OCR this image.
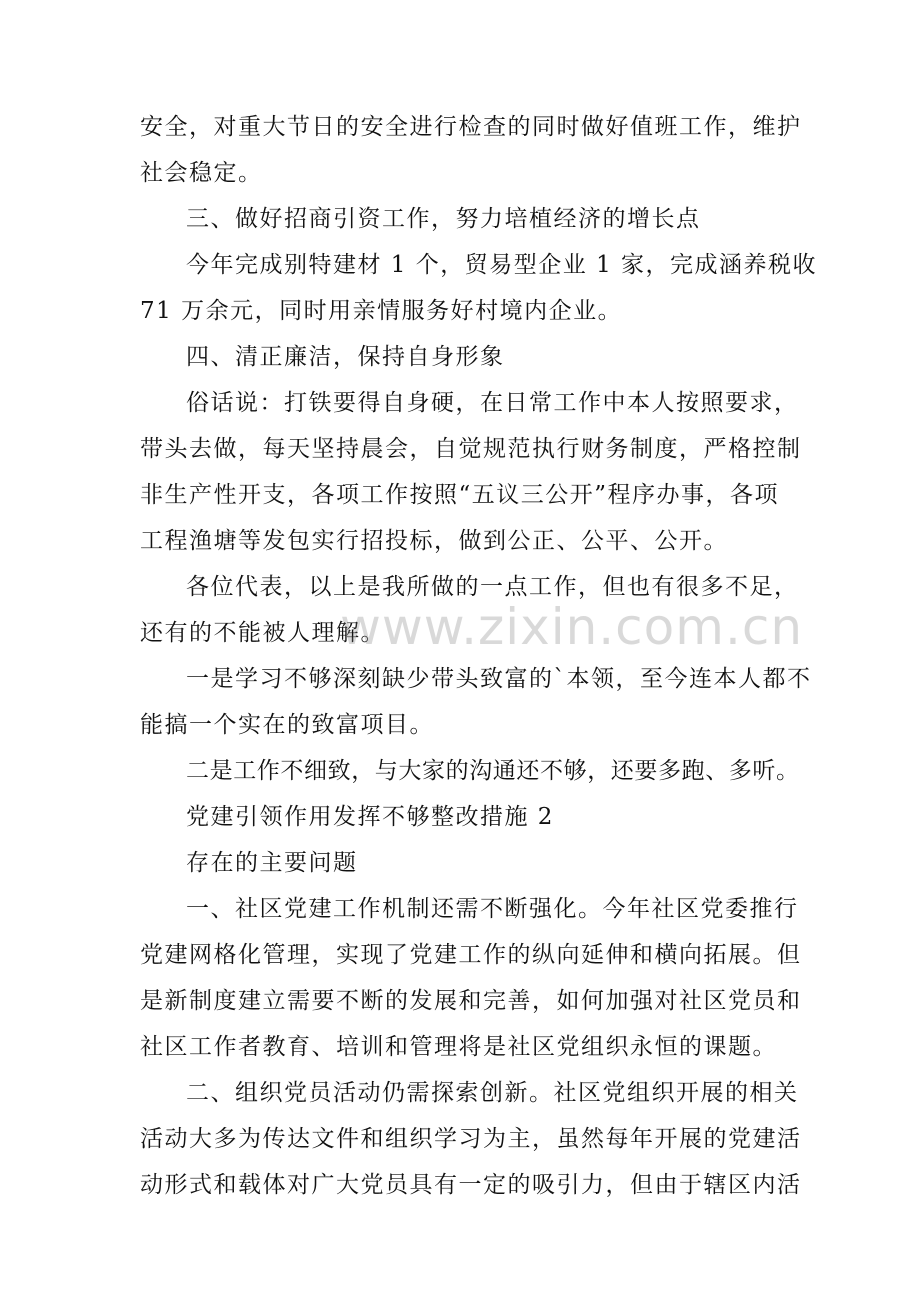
安全，对重大节日的安全进行检查的同时做好值班工作，维护
社会稳定。
三、做好招商引资工作，努力培植经济的增长点
今年完成别特建材 1 个，贸易型企业 1 家，完成涵养税收
71 万余元，同时用亲情服务好村境内企业。
四、清正廉洁，保持自身形象
俗话说：打铁要得自身硬，在日常工作中本人按照要求，
带头去做，每天坚持晨会，自觉规范执行财务制度，严格控制
非生产性开支，各项工作按照“五议三公开”程序办事，各项
工程渔塘等发包实行招投标，做到公正、公平、公开。
各位代表，以上是我所做的一点工作，但也有很多不足，
还有的不能被人理解。
一是学习不够深刻缺少带头致富的`本领，至今连本人都不
能搞一个实在的致富项目。
二是工作不细致，与大家的沟通还不够，还要多跑、多听。
党建引领作用发挥不够整改措施 2
存在的主要问题
一、社区党建工作机制还需不断强化。今年社区党委推行
党建网格化管理，实现了党建工作的纵向延伸和横向拓展。但
是新制度建立需要不断的发展和完善，如何加强对社区党员和
社区工作者教育、培训和管理将是社区党组织永恒的课题。
二、组织党员活动仍需探索创新。社区党组织开展的相关
活动大多为传达文件和组织学习为主，虽然每年开展的党建活
动形式和载体对广大党员具有一定的吸引力，但由于辖区内活
www.zixin.com.cn
